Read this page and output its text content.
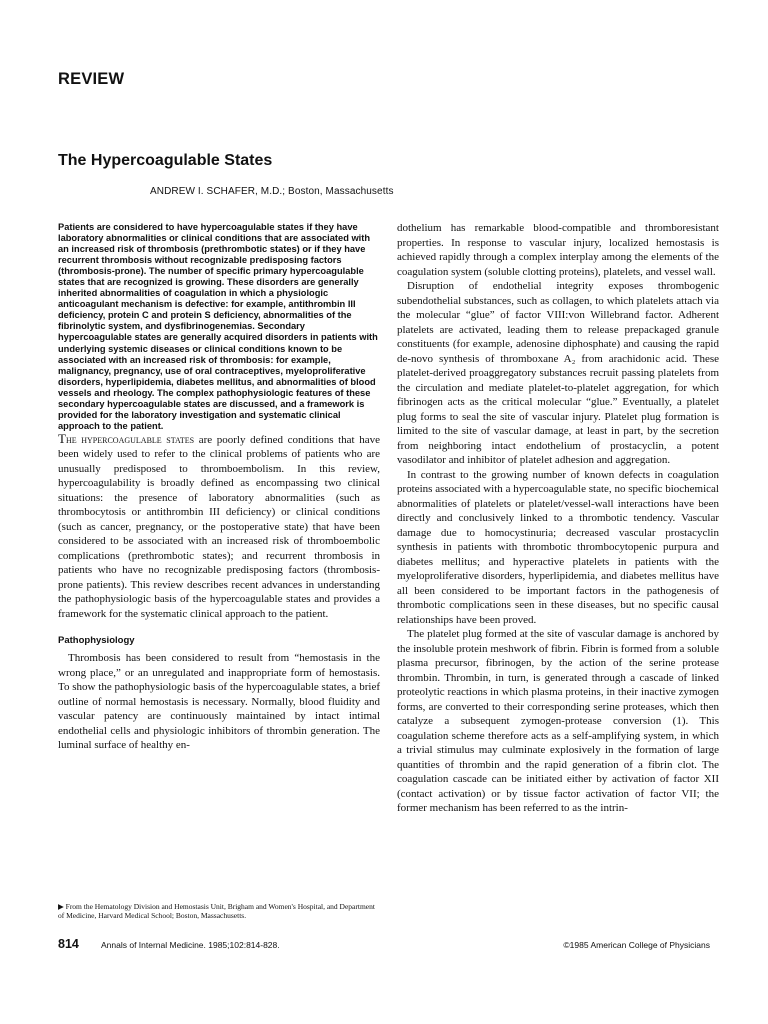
REVIEW
The Hypercoagulable States
ANDREW I. SCHAFER, M.D.; Boston, Massachusetts

Patients are considered to have hypercoagulable states if they have laboratory abnormalities or clinical conditions that are associated with an increased risk of thrombosis (prethrombotic states) or if they have recurrent thrombosis without recognizable predisposing factors (thrombosis-prone). The number of specific primary hypercoagulable states that are recognized is growing. These disorders are generally inherited abnormalities of coagulation in which a physiologic anticoagulant mechanism is defective: for example, antithrombin III deficiency, protein C and protein S deficiency, abnormalities of the fibrinolytic system, and dysfibrinogenemias. Secondary hypercoagulable states are generally acquired disorders in patients with underlying systemic diseases or clinical conditions known to be associated with an increased risk of thrombosis: for example, malignancy, pregnancy, use of oral contraceptives, myeloproliferative disorders, hyperlipidemia, diabetes mellitus, and abnormalities of blood vessels and rheology. The complex pathophysiologic features of these secondary hypercoagulable states are discussed, and a framework is provided for the laboratory investigation and systematic clinical approach to the patient.

The hypercoagulable states are poorly defined conditions that have been widely used to refer to the clinical problems of patients who are unusually predisposed to thromboembolism. In this review, hypercoagulability is broadly defined as encompassing two clinical situations: the presence of laboratory abnormalities (such as thrombocytosis or antithrombin III deficiency) or clinical conditions (such as cancer, pregnancy, or the postoperative state) that have been considered to be associated with an increased risk of thromboembolic complications (prethrombotic states); and recurrent thrombosis in patients who have no recognizable predisposing factors (thrombosis-prone patients). This review describes recent advances in understanding the pathophysiologic basis of the hypercoagulable states and provides a framework for the systematic clinical approach to the patient.

Pathophysiology

Thrombosis has been considered to result from “hemostasis in the wrong place,” or an unregulated and inappropriate form of hemostasis. To show the pathophysiologic basis of the hypercoagulable states, a brief outline of normal hemostasis is necessary. Normally, blood fluidity and vascular patency are continuously maintained by intact intimal endothelial cells and physiologic inhibitors of thrombin generation. The luminal surface of healthy en-

dothelium has remarkable blood-compatible and thromboresistant properties. In response to vascular injury, localized hemostasis is achieved rapidly through a complex interplay among the elements of the coagulation system (soluble clotting proteins), platelets, and vessel wall.

Disruption of endothelial integrity exposes thrombogenic subendothelial substances, such as collagen, to which platelets attach via the molecular “glue” of factor VIII:von Willebrand factor. Adherent platelets are activated, leading them to release prepackaged granule constituents (for example, adenosine diphosphate) and causing the rapid de-novo synthesis of thromboxane A₂ from arachidonic acid. These platelet-derived proaggregatory substances recruit passing platelets from the circulation and mediate platelet-to-platelet aggregation, for which fibrinogen acts as the critical molecular “glue.” Eventually, a platelet plug forms to seal the site of vascular injury. Platelet plug formation is limited to the site of vascular damage, at least in part, by the secretion from neighboring intact endothelium of prostacyclin, a potent vasodilator and inhibitor of platelet adhesion and aggregation.

In contrast to the growing number of known defects in coagulation proteins associated with a hypercoagulable state, no specific biochemical abnormalities of platelets or platelet/vessel-wall interactions have been directly and conclusively linked to a thrombotic tendency. Vascular damage due to homocystinuria; decreased vascular prostacyclin synthesis in patients with thrombotic thrombocytopenic purpura and diabetes mellitus; and hyperactive platelets in patients with the myeloproliferative disorders, hyperlipidemia, and diabetes mellitus have all been considered to be important factors in the pathogenesis of thrombotic complications seen in these diseases, but no specific causal relationships have been proved.

The platelet plug formed at the site of vascular damage is anchored by the insoluble protein meshwork of fibrin. Fibrin is formed from a soluble plasma precursor, fibrinogen, by the action of the serine protease thrombin. Thrombin, in turn, is generated through a cascade of linked proteolytic reactions in which plasma proteins, in their inactive zymogen forms, are converted to their corresponding serine proteases, which then catalyze a subsequent zymogen-protease conversion (1). This coagulation scheme therefore acts as a self-amplifying system, in which a trivial stimulus may culminate explosively in the formation of large quantities of thrombin and the rapid generation of a fibrin clot. The coagulation cascade can be initiated either by activation of factor XII (contact activation) or by tissue factor activation of factor VII; the former mechanism has been referred to as the intrin-

▶ From the Hematology Division and Hemostasis Unit, Brigham and Women's Hospital, and Department of Medicine, Harvard Medical School; Boston, Massachusetts.
814	Annals of Internal Medicine. 1985;102:814-828.	©1985 American College of Physicians
